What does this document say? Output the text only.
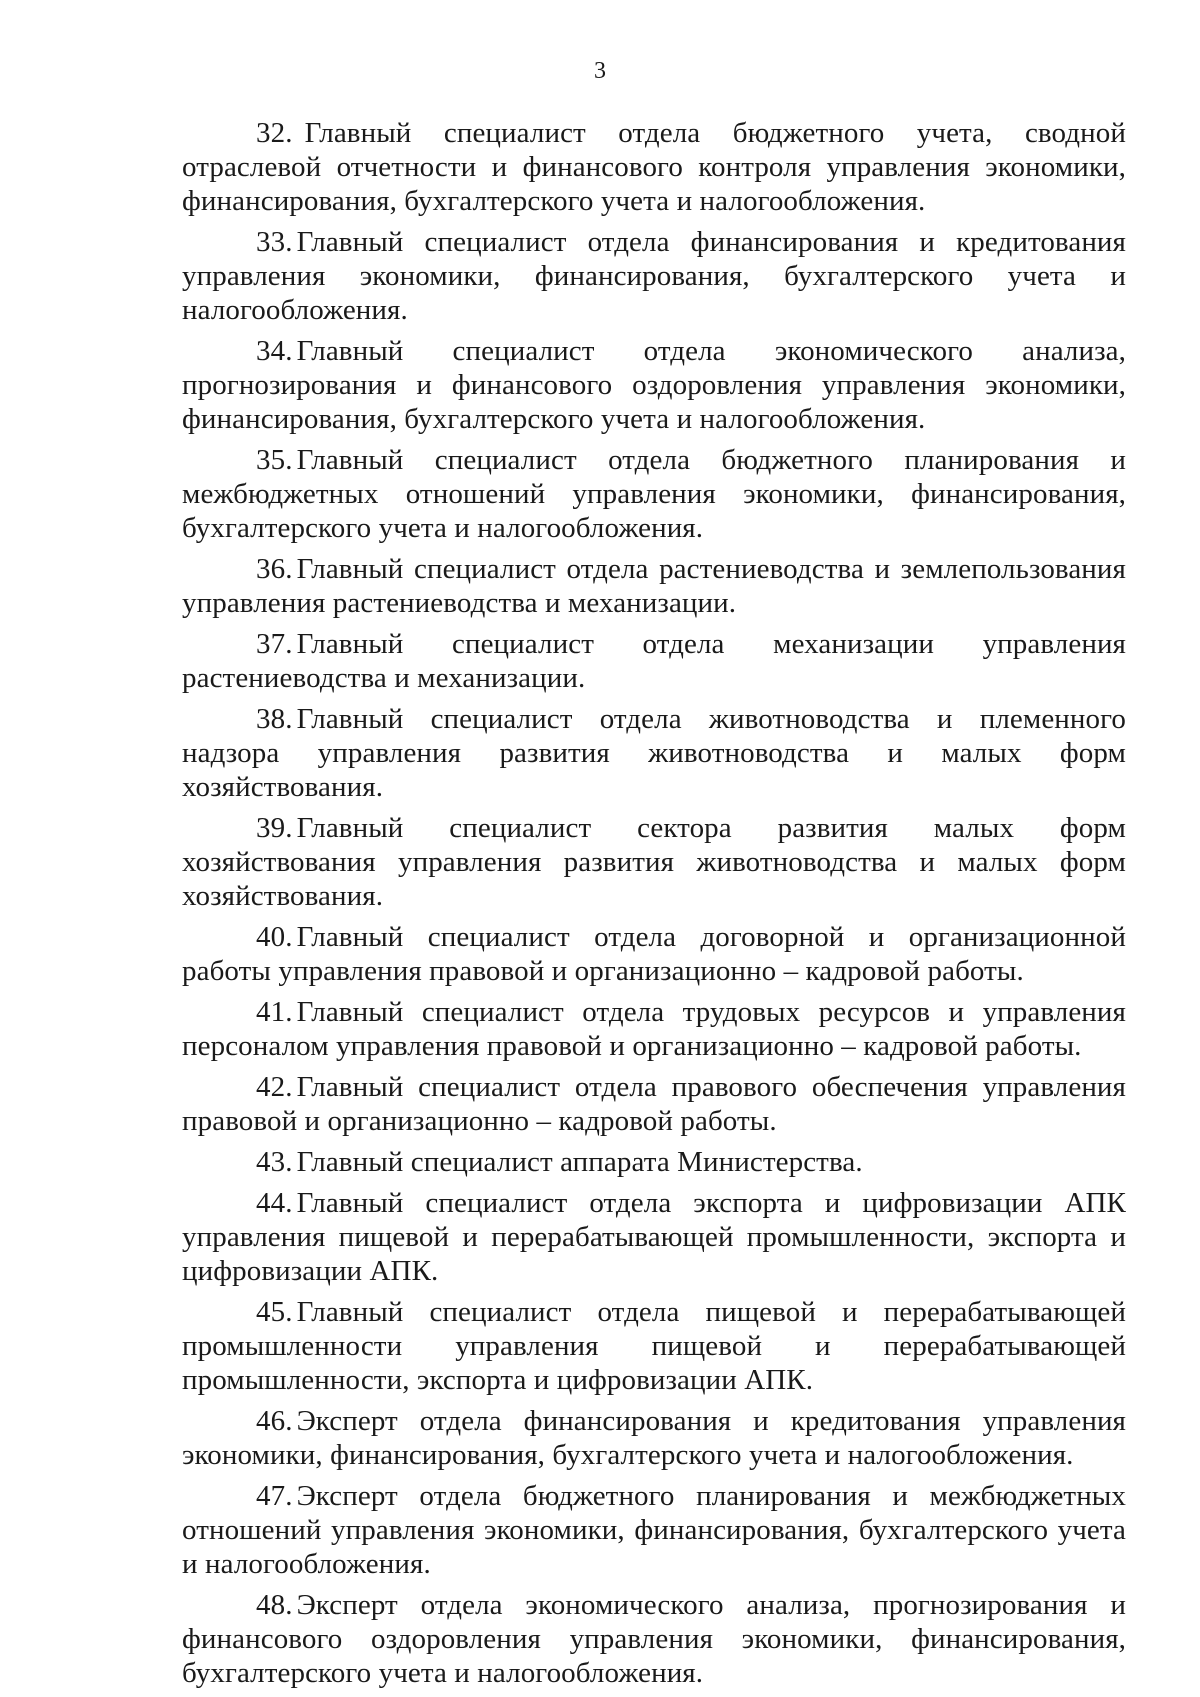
3

32. Главный специалист отдела бюджетного учета, сводной отраслевой отчетности и финансового контроля управления экономики, финансирования, бухгалтерского учета и налогообложения.

33. Главный специалист отдела финансирования и кредитования управления экономики, финансирования, бухгалтерского учета и налогообложения.

34. Главный специалист отдела экономического анализа, прогнозирования и финансового оздоровления управления экономики, финансирования, бухгалтерского учета и налогообложения.

35. Главный специалист отдела бюджетного планирования и межбюджетных отношений управления экономики, финансирования, бухгалтерского учета и налогообложения.

36. Главный специалист отдела растениеводства и землепользования управления растениеводства и механизации.

37. Главный специалист отдела механизации управления растениеводства и механизации.

38. Главный специалист отдела животноводства и племенного надзора управления развития животноводства и малых форм хозяйствования.

39. Главный специалист сектора развития малых форм хозяйствования управления развития животноводства и малых форм хозяйствования.

40. Главный специалист отдела договорной и организационной работы управления правовой и организационно – кадровой работы.

41. Главный специалист отдела трудовых ресурсов и управления персоналом управления правовой и организационно – кадровой работы.

42. Главный специалист отдела правового обеспечения управления правовой и организационно – кадровой работы.

43. Главный специалист аппарата Министерства.

44. Главный специалист отдела экспорта и цифровизации АПК управления пищевой и перерабатывающей промышленности, экспорта и цифровизации АПК.

45. Главный специалист отдела пищевой и перерабатывающей промышленности управления пищевой и перерабатывающей промышленности, экспорта и цифровизации АПК.

46. Эксперт отдела финансирования и кредитования управления экономики, финансирования, бухгалтерского учета и налогообложения.

47. Эксперт отдела бюджетного планирования и межбюджетных отношений управления экономики, финансирования, бухгалтерского учета и налогообложения.

48. Эксперт отдела экономического анализа, прогнозирования и финансового оздоровления управления экономики, финансирования, бухгалтерского учета и налогообложения.
